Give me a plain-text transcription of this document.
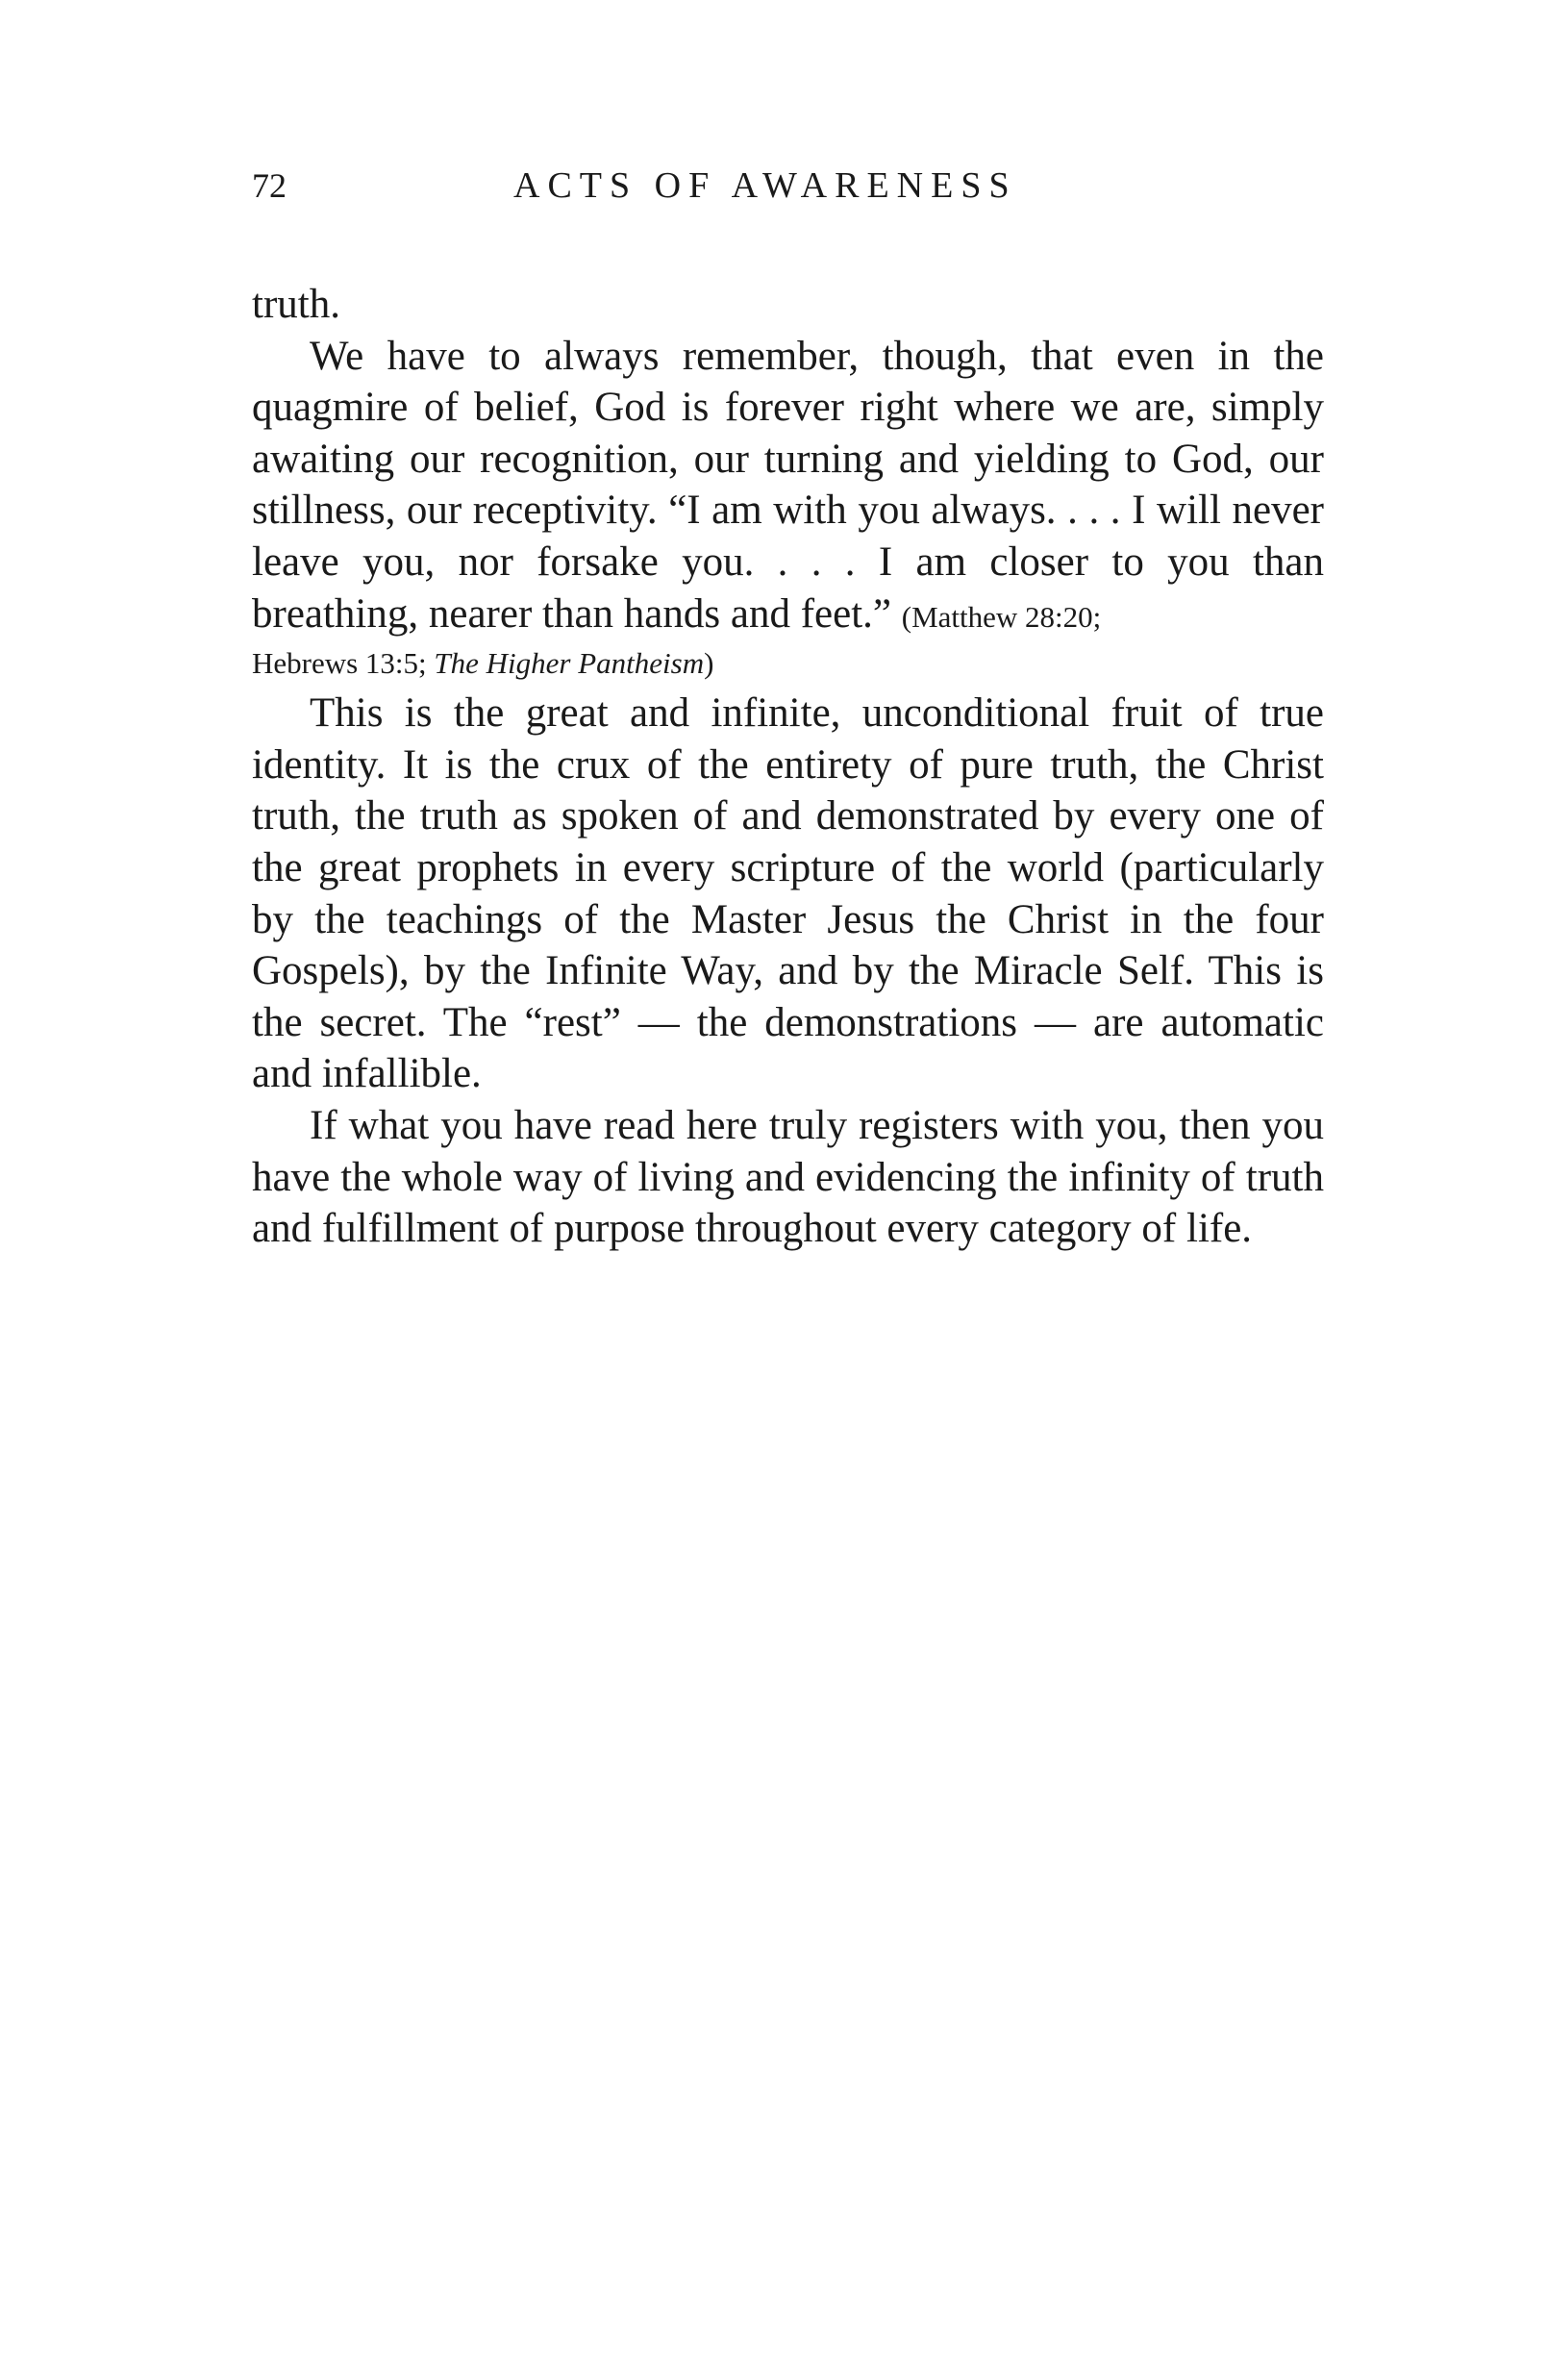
72	ACTS OF AWARENESS

truth.

We have to always remember, though, that even in the quagmire of belief, God is forever right where we are, simply awaiting our recognition, our turning and yielding to God, our stillness, our receptivity. “I am with you always. . . . I will never leave you, nor forsake you. . . . I am closer to you than breathing, nearer than hands and feet.” (Matthew 28:20;
Hebrews 13:5; The Higher Pantheism)

This is the great and infinite, unconditional fruit of true identity. It is the crux of the entirety of pure truth, the Christ truth, the truth as spoken of and demonstrated by every one of the great prophets in every scripture of the world (particularly by the teachings of the Master Jesus the Christ in the four Gospels), by the Infinite Way, and by the Miracle Self. This is the secret. The “rest” — the demonstrations — are automatic and infallible.

If what you have read here truly registers with you, then you have the whole way of living and evidencing the infinity of truth and fulfillment of purpose throughout every category of life.
